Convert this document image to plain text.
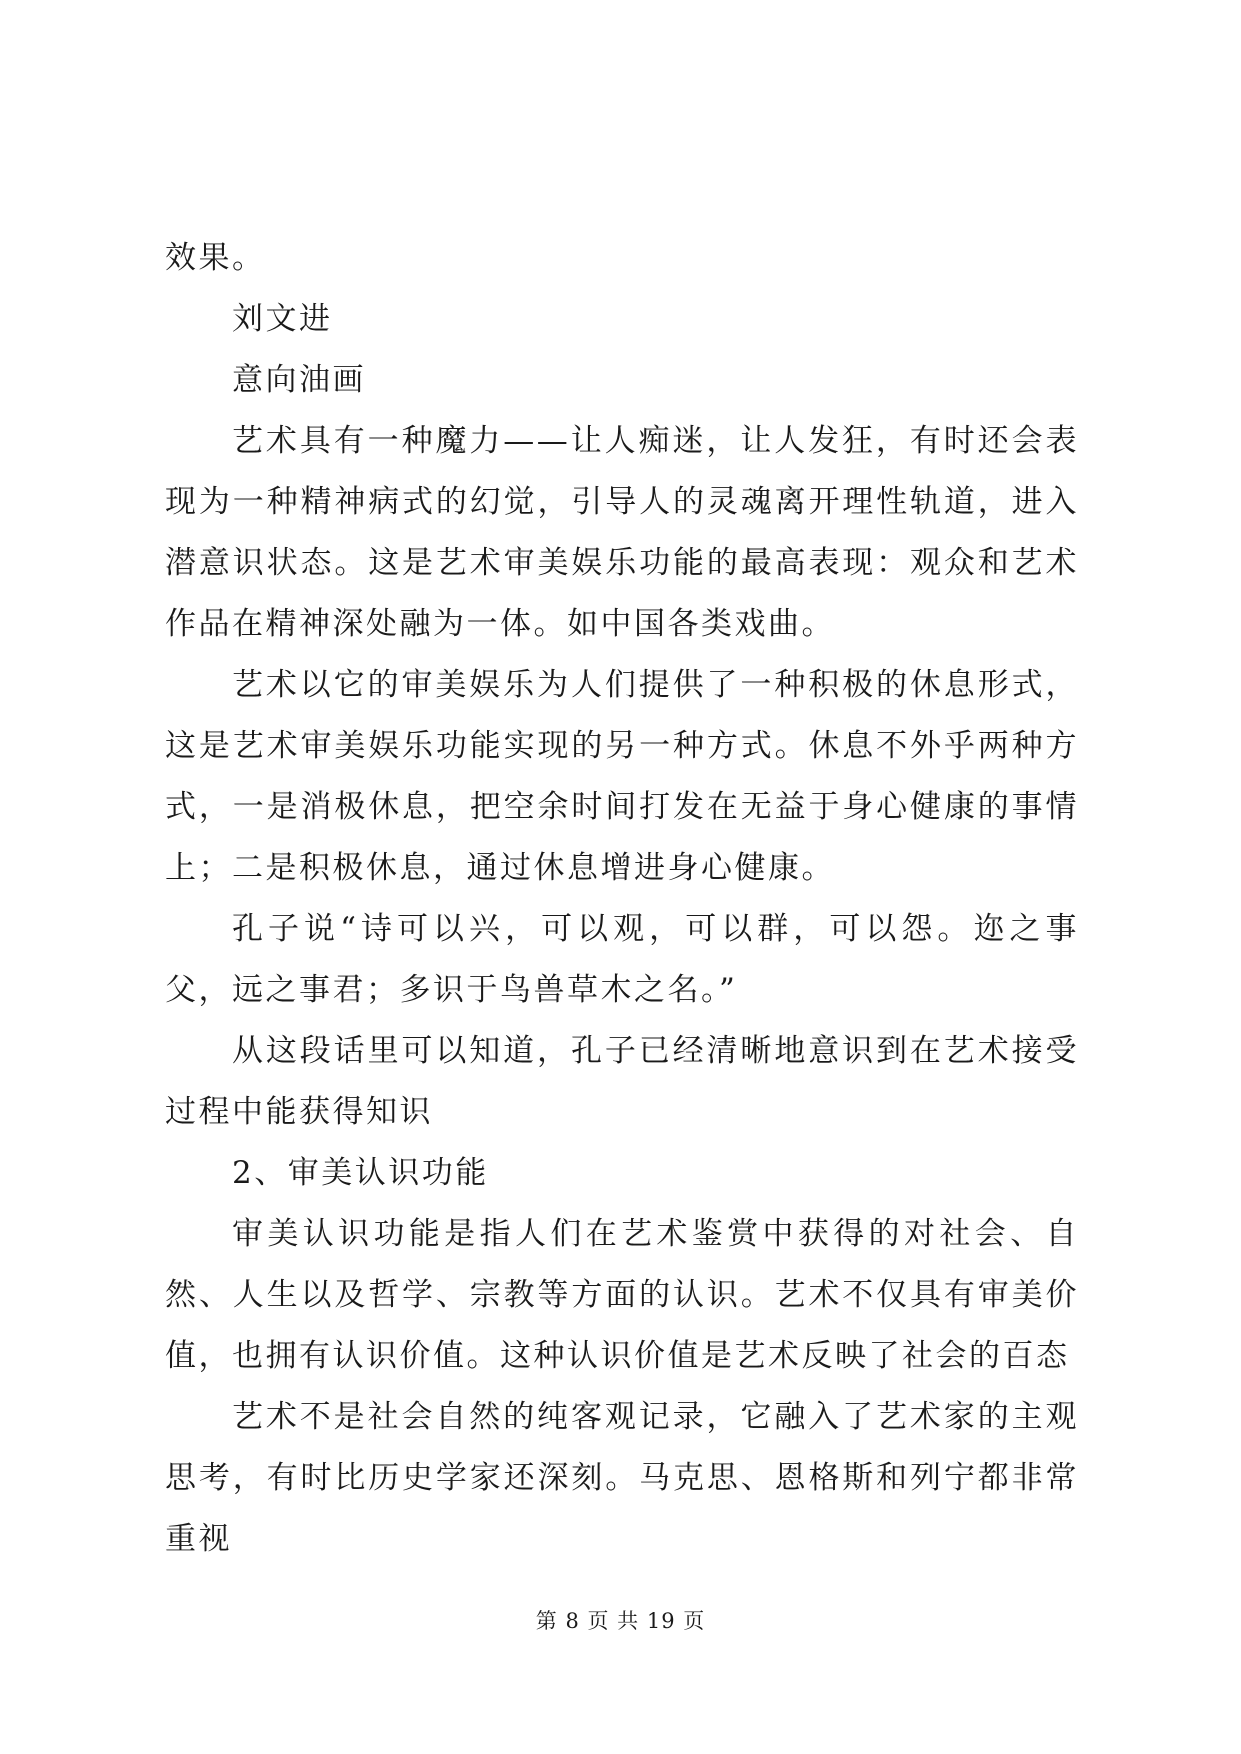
效果。

刘文进

意向油画

艺术具有一种魔力——让人痴迷，让人发狂，有时还会表现为一种精神病式的幻觉，引导人的灵魂离开理性轨道，进入潜意识状态。这是艺术审美娱乐功能的最高表现：观众和艺术作品在精神深处融为一体。如中国各类戏曲。

艺术以它的审美娱乐为人们提供了一种积极的休息形式，这是艺术审美娱乐功能实现的另一种方式。休息不外乎两种方式，一是消极休息，把空余时间打发在无益于身心健康的事情上；二是积极休息，通过休息增进身心健康。

孔子说“诗可以兴，可以观，可以群，可以怨。迩之事父，远之事君；多识于鸟兽草木之名。”

从这段话里可以知道，孔子已经清晰地意识到在艺术接受过程中能获得知识

2、审美认识功能

审美认识功能是指人们在艺术鉴赏中获得的对社会、自然、人生以及哲学、宗教等方面的认识。艺术不仅具有审美价值，也拥有认识价值。这种认识价值是艺术反映了社会的百态

艺术不是社会自然的纯客观记录，它融入了艺术家的主观思考，有时比历史学家还深刻。马克思、恩格斯和列宁都非常重视

第 8 页 共 19 页
